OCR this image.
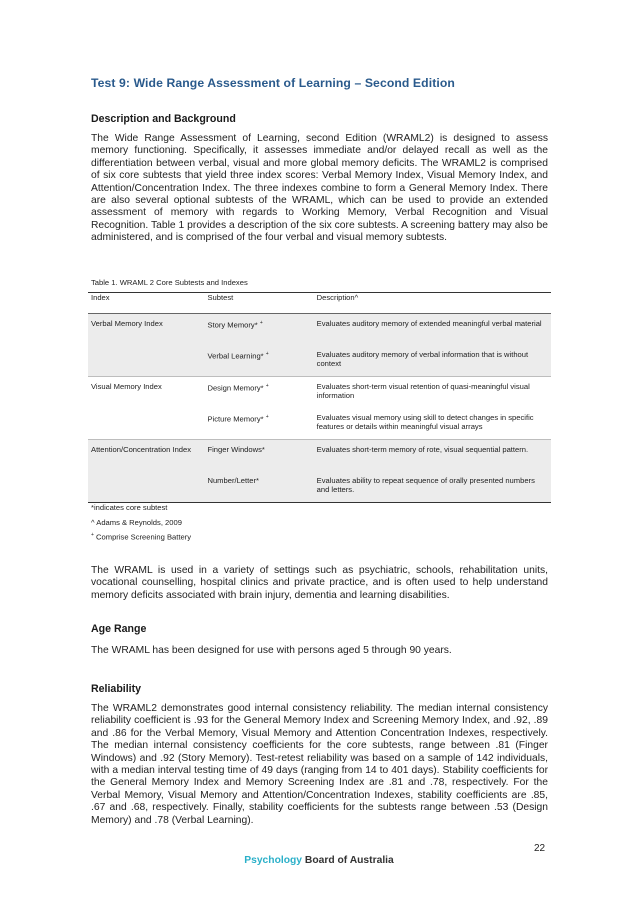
Test 9: Wide Range Assessment of Learning – Second Edition
Description and Background
The Wide Range Assessment of Learning, second Edition (WRAML2) is designed to assess memory functioning. Specifically, it assesses immediate and/or delayed recall as well as the differentiation between verbal, visual and more global memory deficits. The WRAML2 is comprised of six core subtests that yield three index scores: Verbal Memory Index, Visual Memory Index, and Attention/Concentration Index. The three indexes combine to form a General Memory Index. There are also several optional subtests of the WRAML, which can be used to provide an extended assessment of memory with regards to Working Memory, Verbal Recognition and Visual Recognition. Table 1 provides a description of the six core subtests. A screening battery may also be administered, and is comprised of the four verbal and visual memory subtests.
Table 1. WRAML 2 Core Subtests and Indexes
Index	Subtest	Description^
Verbal Memory Index	Story Memory* +	Evaluates auditory memory of extended meaningful verbal material
	Verbal Learning* +	Evaluates auditory memory of verbal information that is without context
Visual Memory Index	Design Memory* +	Evaluates short-term visual retention of quasi-meaningful visual information
	Picture Memory* +	Evaluates visual memory using skill to detect changes in specific features or details within meaningful visual arrays
Attention/Concentration Index	Finger Windows*	Evaluates short-term memory of rote, visual sequential pattern.
	Number/Letter*	Evaluates ability to repeat sequence of orally presented numbers and letters.
*indicates core subtest
^ Adams & Reynolds, 2009
+ Comprise Screening Battery
The WRAML is used in a variety of settings such as psychiatric, schools, rehabilitation units, vocational counselling, hospital clinics and private practice, and is often used to help understand memory deficits associated with brain injury, dementia and learning disabilities.
Age Range
The WRAML has been designed for use with persons aged 5 through 90 years.
Reliability
The WRAML2 demonstrates good internal consistency reliability. The median internal consistency reliability coefficient is .93 for the General Memory Index and Screening Memory Index, and .92, .89 and .86 for the Verbal Memory, Visual Memory and Attention Concentration Indexes, respectively. The median internal consistency coefficients for the core subtests, range between .81 (Finger Windows) and .92 (Story Memory). Test-retest reliability was based on a sample of 142 individuals, with a median interval testing time of 49 days (ranging from 14 to 401 days). Stability coefficients for the General Memory Index and Memory Screening Index are .81 and .78, respectively. For the Verbal Memory, Visual Memory and Attention/Concentration Indexes, stability coefficients are .85, .67 and .68, respectively. Finally, stability coefficients for the subtests range between .53 (Design Memory) and .78 (Verbal Learning).
22
Psychology Board of Australia
